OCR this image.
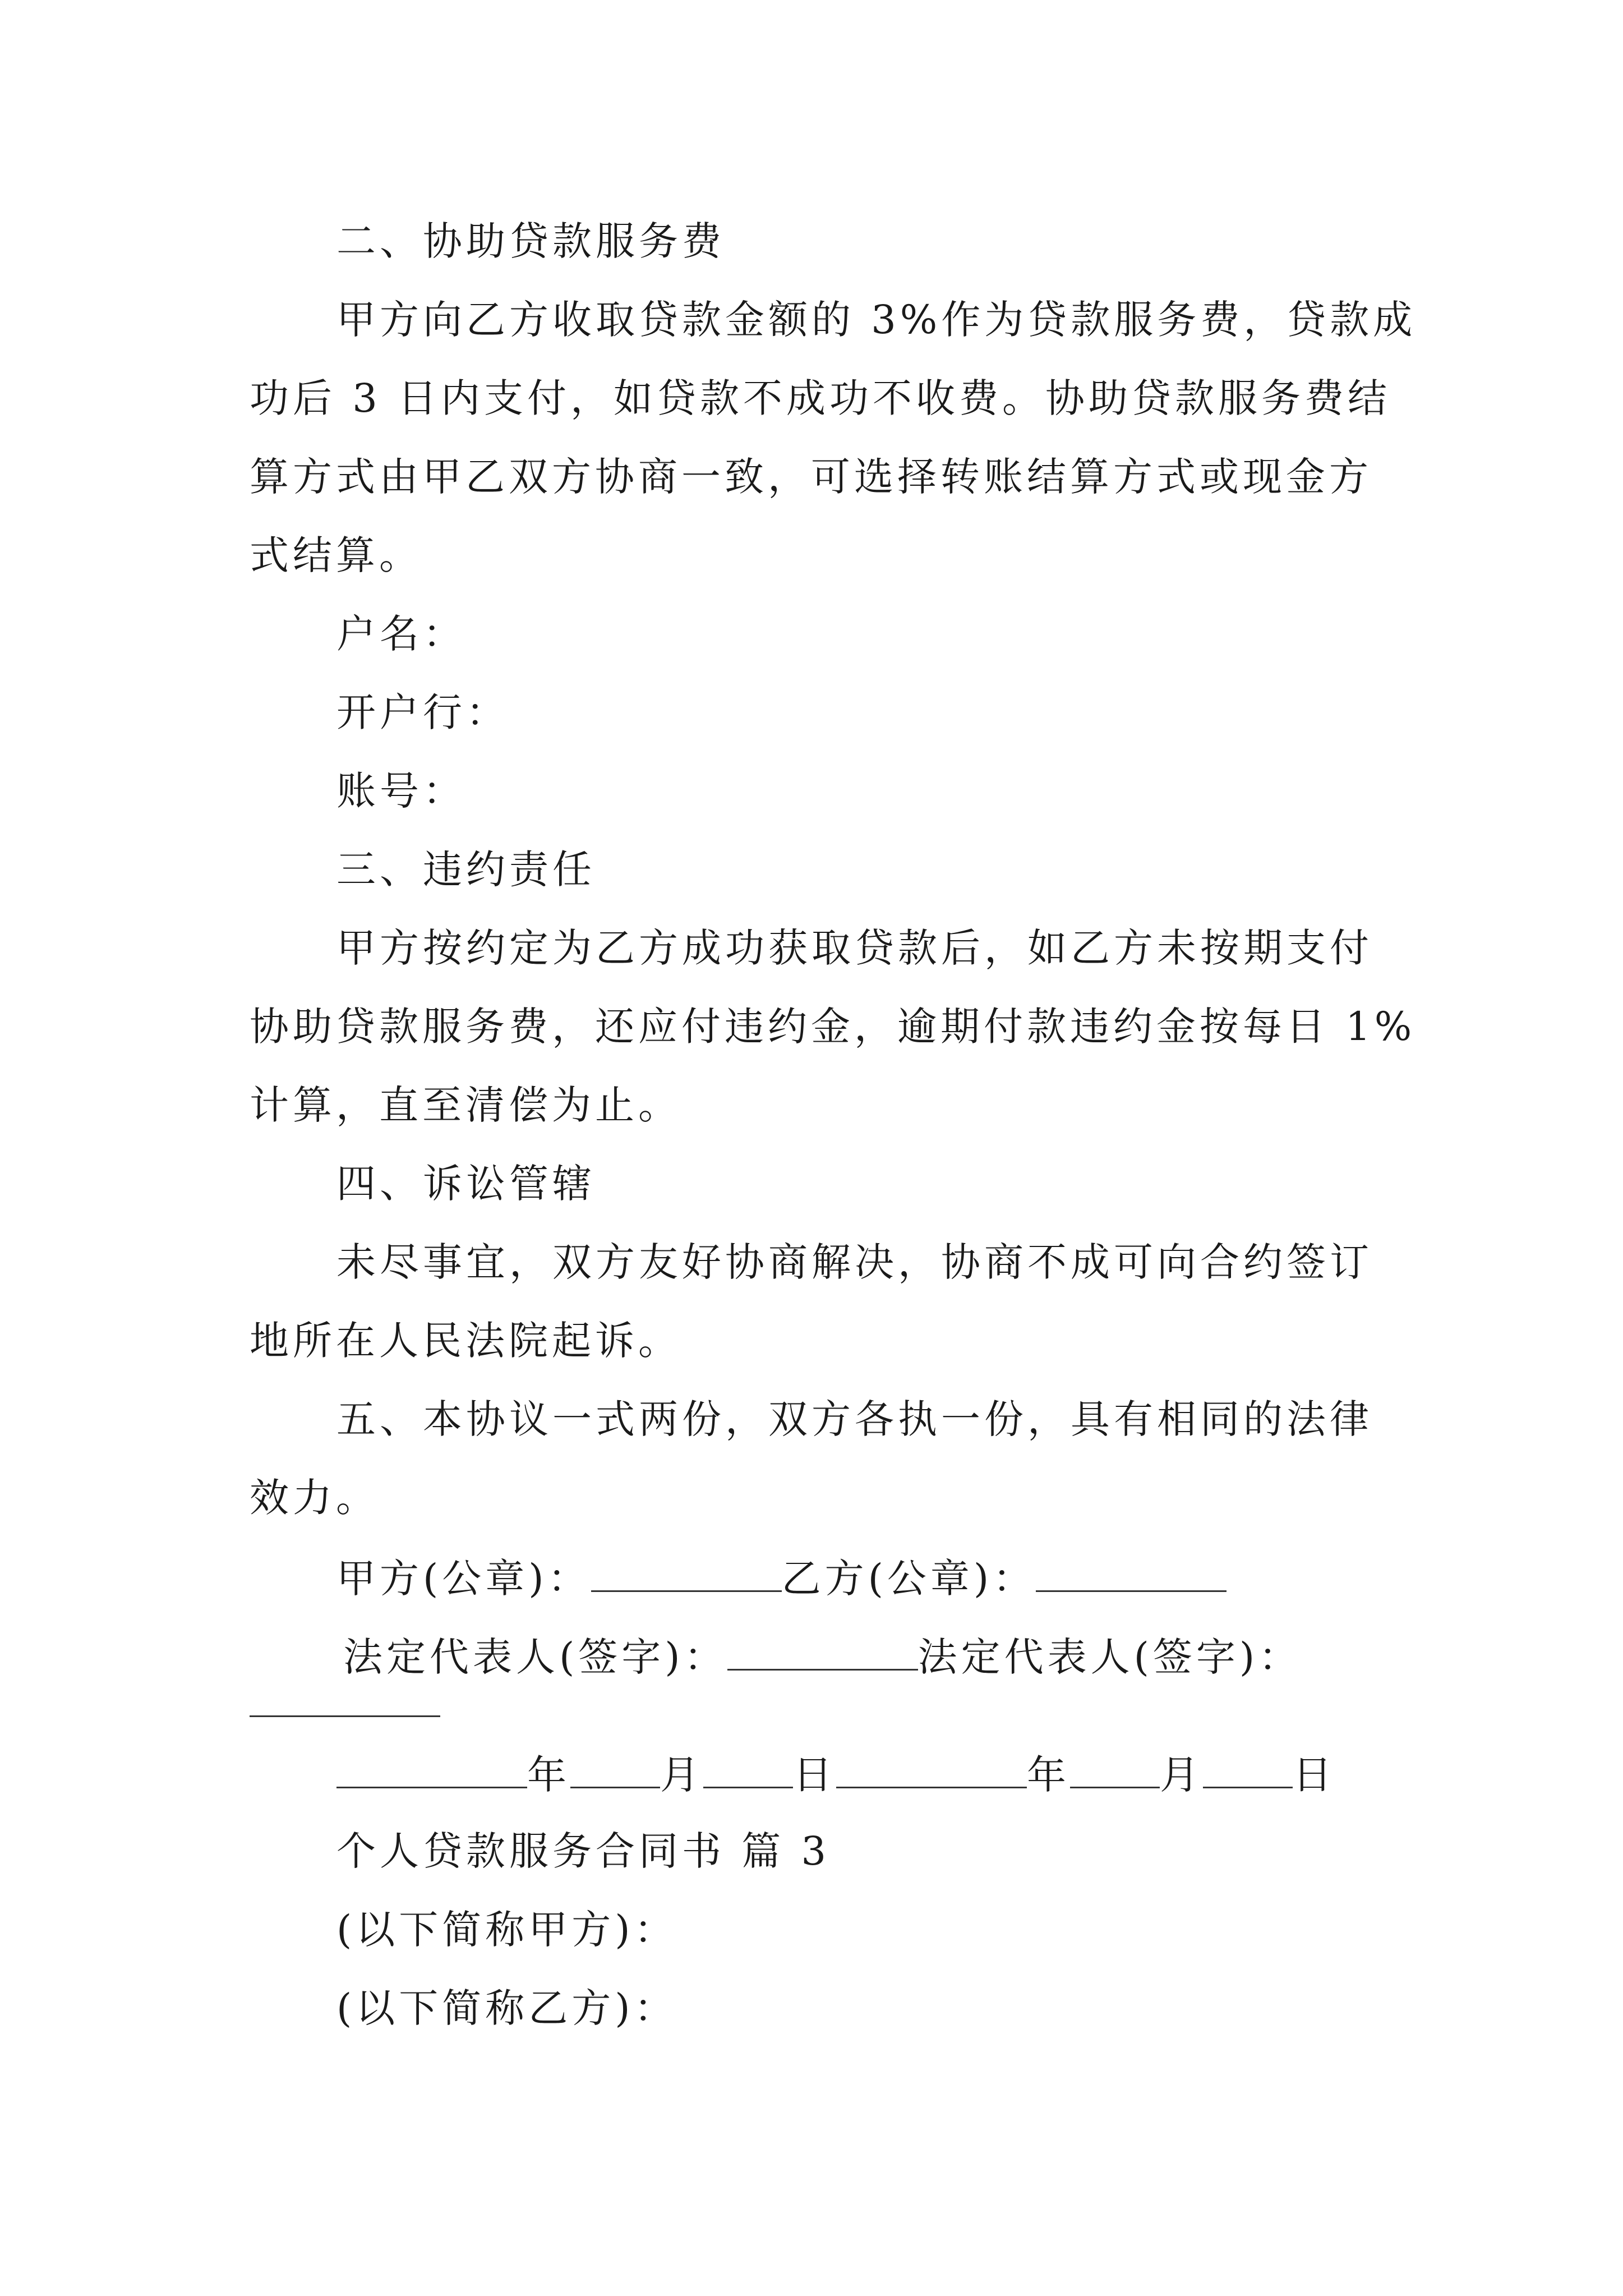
二、协助贷款服务费
甲方向乙方收取贷款金额的 3%作为贷款服务费，贷款成
功后 3 日内支付，如贷款不成功不收费。协助贷款服务费结
算方式由甲乙双方协商一致，可选择转账结算方式或现金方
式结算。
户名：
开户行：
账号：
三、违约责任
甲方按约定为乙方成功获取贷款后，如乙方未按期支付
协助贷款服务费，还应付违约金，逾期付款违约金按每日 1%
计算，直至清偿为止。
四、诉讼管辖
未尽事宜，双方友好协商解决，协商不成可向合约签订
地所在人民法院起诉。
五、本协议一式两份，双方各执一份，具有相同的法律
效力。
甲方(公章)：	乙方(公章)：
法定代表人(签字)：	法定代表人(签字)：
年 月 日	年 月 日
个人贷款服务合同书 篇 3
(以下简称甲方)：
(以下简称乙方)：
